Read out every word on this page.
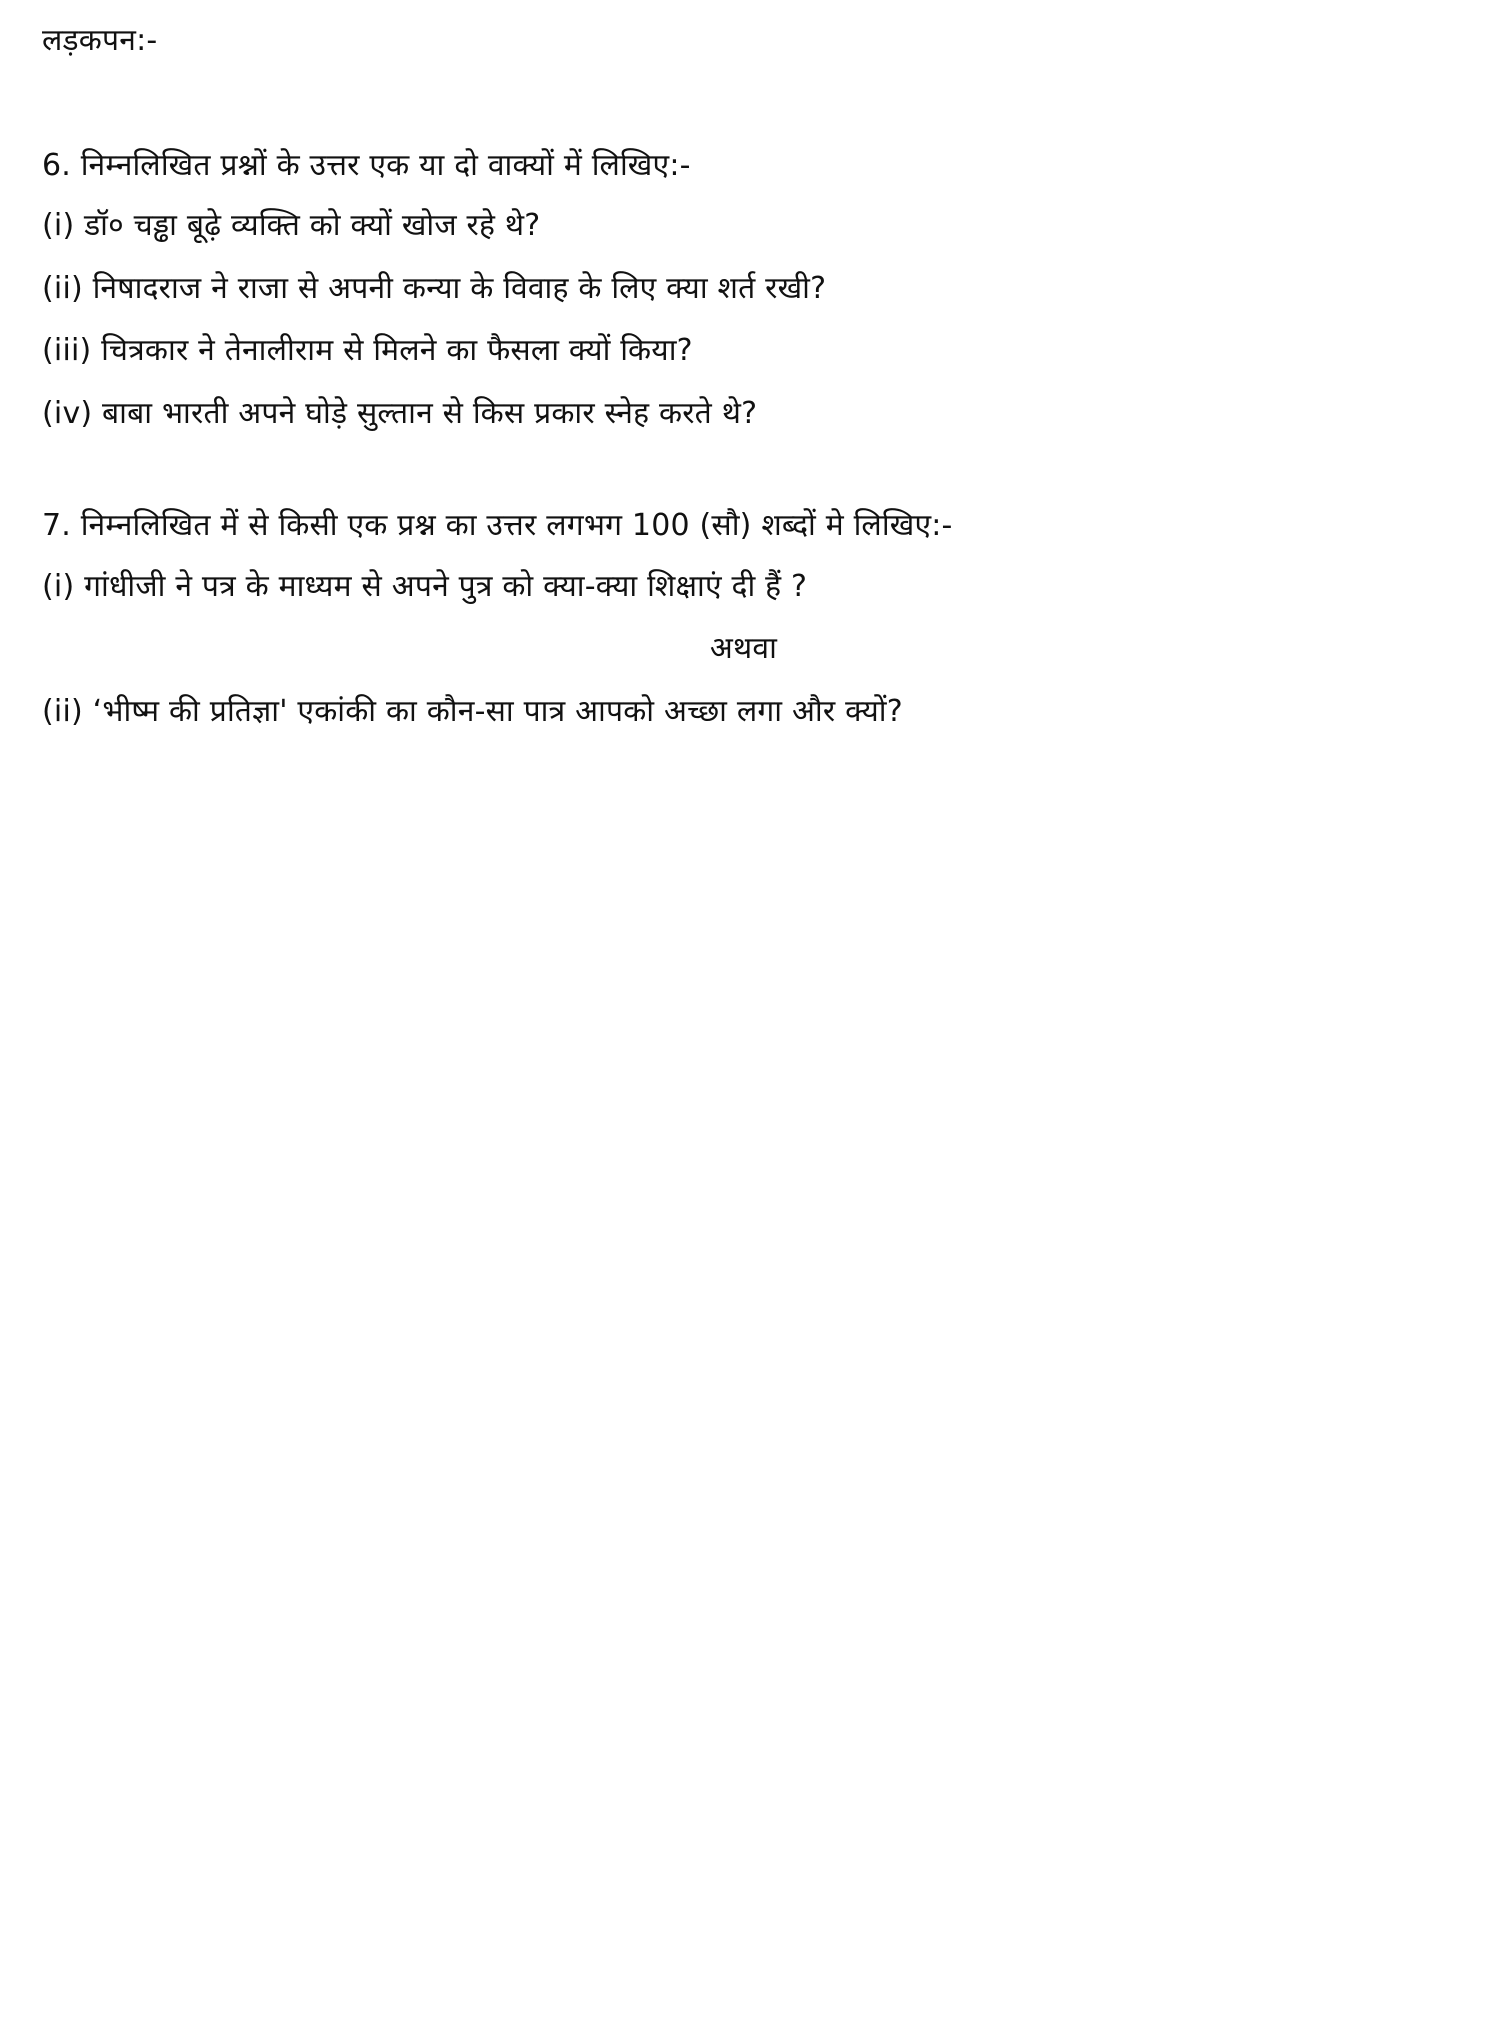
लड़कपन:-
6. निम्नलिखित प्रश्नों के उत्तर एक या दो वाक्यों में लिखिए:-
(i) डॉ० चड्ढा बूढ़े व्यक्ति को क्यों खोज रहे थे?
(ii) निषादराज ने राजा से अपनी कन्या के विवाह के लिए क्या शर्त रखी?
(iii) चित्रकार ने तेनालीराम से मिलने का फैसला क्यों किया?
(iv) बाबा भारती अपने घोड़े सुल्तान से किस प्रकार स्नेह करते थे?
7. निम्नलिखित में से किसी एक प्रश्न का उत्तर लगभग 100 (सौ) शब्दों मे लिखिए:-
(i) गांधीजी ने पत्र के माध्यम से अपने पुत्र को क्या-क्या शिक्षाएं दी हैं ?
अथवा
(ii) ‘भीष्म की प्रतिज्ञा' एकांकी का कौन-सा पात्र आपको अच्छा लगा और क्यों?
